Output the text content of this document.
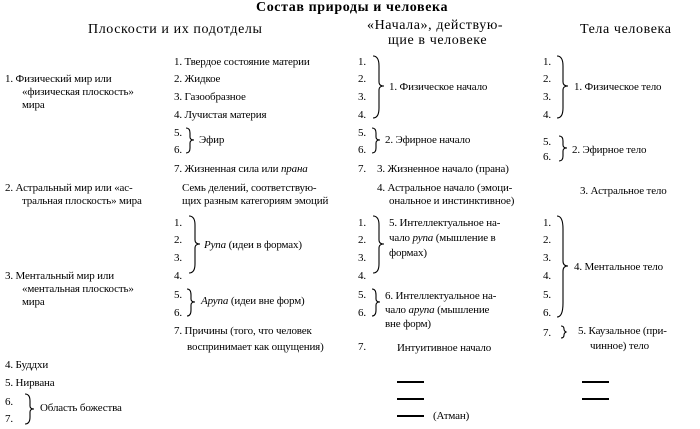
Состав природы и человека
Плоскости и их подотделы	«Начала», действую-
щие в человеке
Тела человека
1. Физический мир или
«физическая плоскость»
мира
2. Астральный мир или «ас-
тральная плоскость» мира
3. Ментальный мир или
«ментальная плоскость»
мира
4. Буддхи
5. Нирвана
6.
7.
Область божества
1. Твердое состояние материи
2. Жидкое
3. Газообразное
4. Лучистая материя
5.
6.
Эфир
7. Жизненная сила или прана
Семь делений, соответствую-
щих разным категориям эмоций
1.
2.
3.
4.
Рупа (идеи в формах)
5.
6.
Арупа (идеи вне форм)
7. Причины (того, что человек
воспринимает как ощущения)
1.
2.
3.
4.
1. Физическое начало
5.
6.
2. Эфирное начало
7. 3. Жизненное начало (прана)
4. Астральное начало (эмоци-
ональное и инстинктивное)
1.
2.
3.
4.
5. Интеллектуальное на-
чало рупа (мышление в
формах)
5.
6.
6. Интеллектуальное на-
чало арупа (мышление
вне форм)
7.	Интуитивное начало
(Атман)
1.
2.
3.
4.
1. Физическое тело
5.
6.
2. Эфирное тело
3. Астральное тело
1.
2.
3.
4.
5.
6.
4. Ментальное тело
7. 5. Каузальное (при-
чинное) тело
